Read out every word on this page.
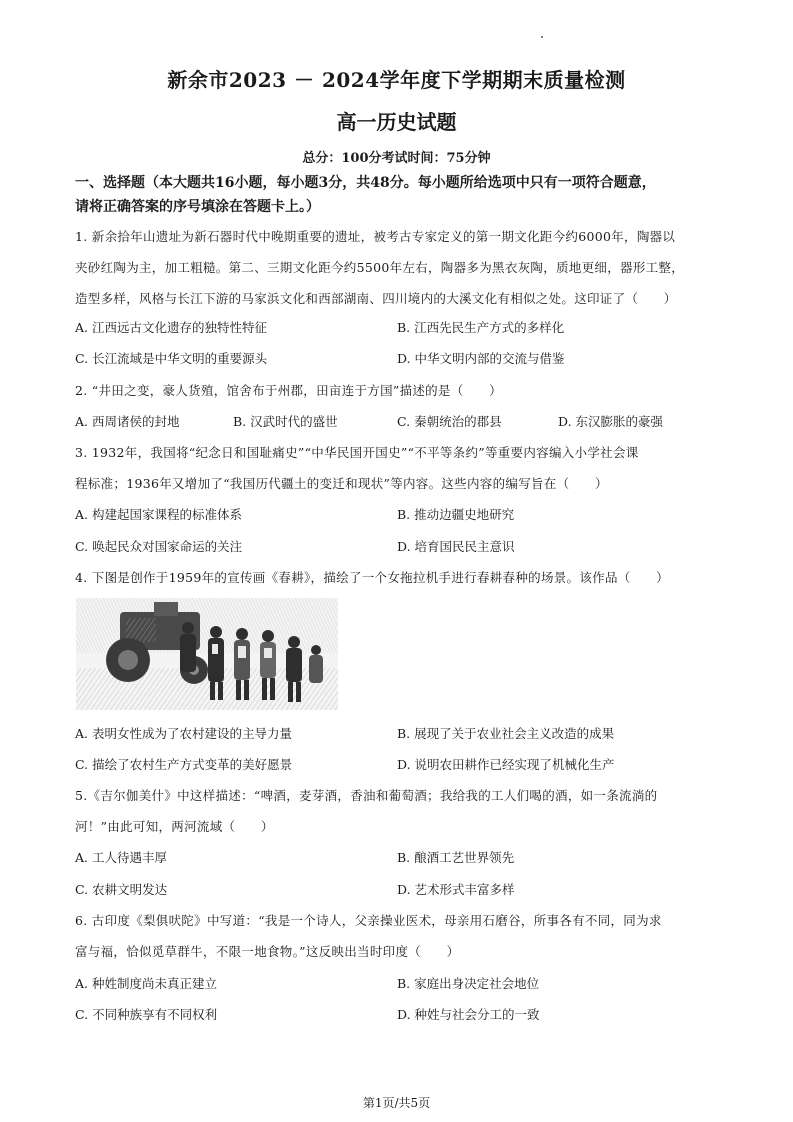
新余市2023 － 2024学年度下学期期末质量检测
高一历史试题
总分：100分考试时间：75分钟
一、选择题（本大题共16小题，每小题3分，共48分。每小题所给选项中只有一项符合题意，
请将正确答案的序号填涂在答题卡上。）
1. 新余拾年山遗址为新石器时代中晚期重要的遗址，被考古专家定义的第一期文化距今约6000年，陶器以
夹砂红陶为主，加工粗糙。第二、三期文化距今约5500年左右，陶器多为黑衣灰陶，质地更细，器形工整，
造型多样，风格与长江下游的马家浜文化和西部湖南、四川境内的大溪文化有相似之处。这印证了（　　）
A. 江西远古文化遗存的独特性特征	B. 江西先民生产方式的多样化
C. 长江流域是中华文明的重要源头	D. 中华文明内部的交流与借鉴
2. “井田之变，豪人货殖，馆舍布于州郡，田亩连于方国”描述的是（　　）
A. 西周诸侯的封地	B. 汉武时代的盛世	C. 秦朝统治的郡县	D. 东汉膨胀的豪强
3. 1932年，我国将“纪念日和国耻痛史”“中华民国开国史”“不平等条约”等重要内容编入小学社会课
程标准；1936年又增加了“我国历代疆土的变迁和现状”等内容。这些内容的编写旨在（　　）
A. 构建起国家课程的标准体系	B. 推动边疆史地研究
C. 唤起民众对国家命运的关注	D. 培育国民民主意识
4. 下图是创作于1959年的宣传画《春耕》，描绘了一个女拖拉机手进行春耕春种的场景。该作品（　　）
A. 表明女性成为了农村建设的主导力量	B. 展现了关于农业社会主义改造的成果
C. 描绘了农村生产方式变革的美好愿景	D. 说明农田耕作已经实现了机械化生产
5.《吉尔伽美什》中这样描述：“啤酒，麦芽酒，香油和葡萄酒；我给我的工人们喝的酒，如一条流淌的
河！”由此可知，两河流域（　　）
A. 工人待遇丰厚	B. 酿酒工艺世界领先
C. 农耕文明发达	D. 艺术形式丰富多样
6. 古印度《梨俱吠陀》中写道：“我是一个诗人，父亲操业医术，母亲用石磨谷，所事各有不同，同为求
富与福，恰似觅草群牛，不限一地食物。”这反映出当时印度（　　）
A. 种姓制度尚未真正建立	B. 家庭出身决定社会地位
C. 不同种族享有不同权利	D. 种姓与社会分工的一致
第1页/共5页
